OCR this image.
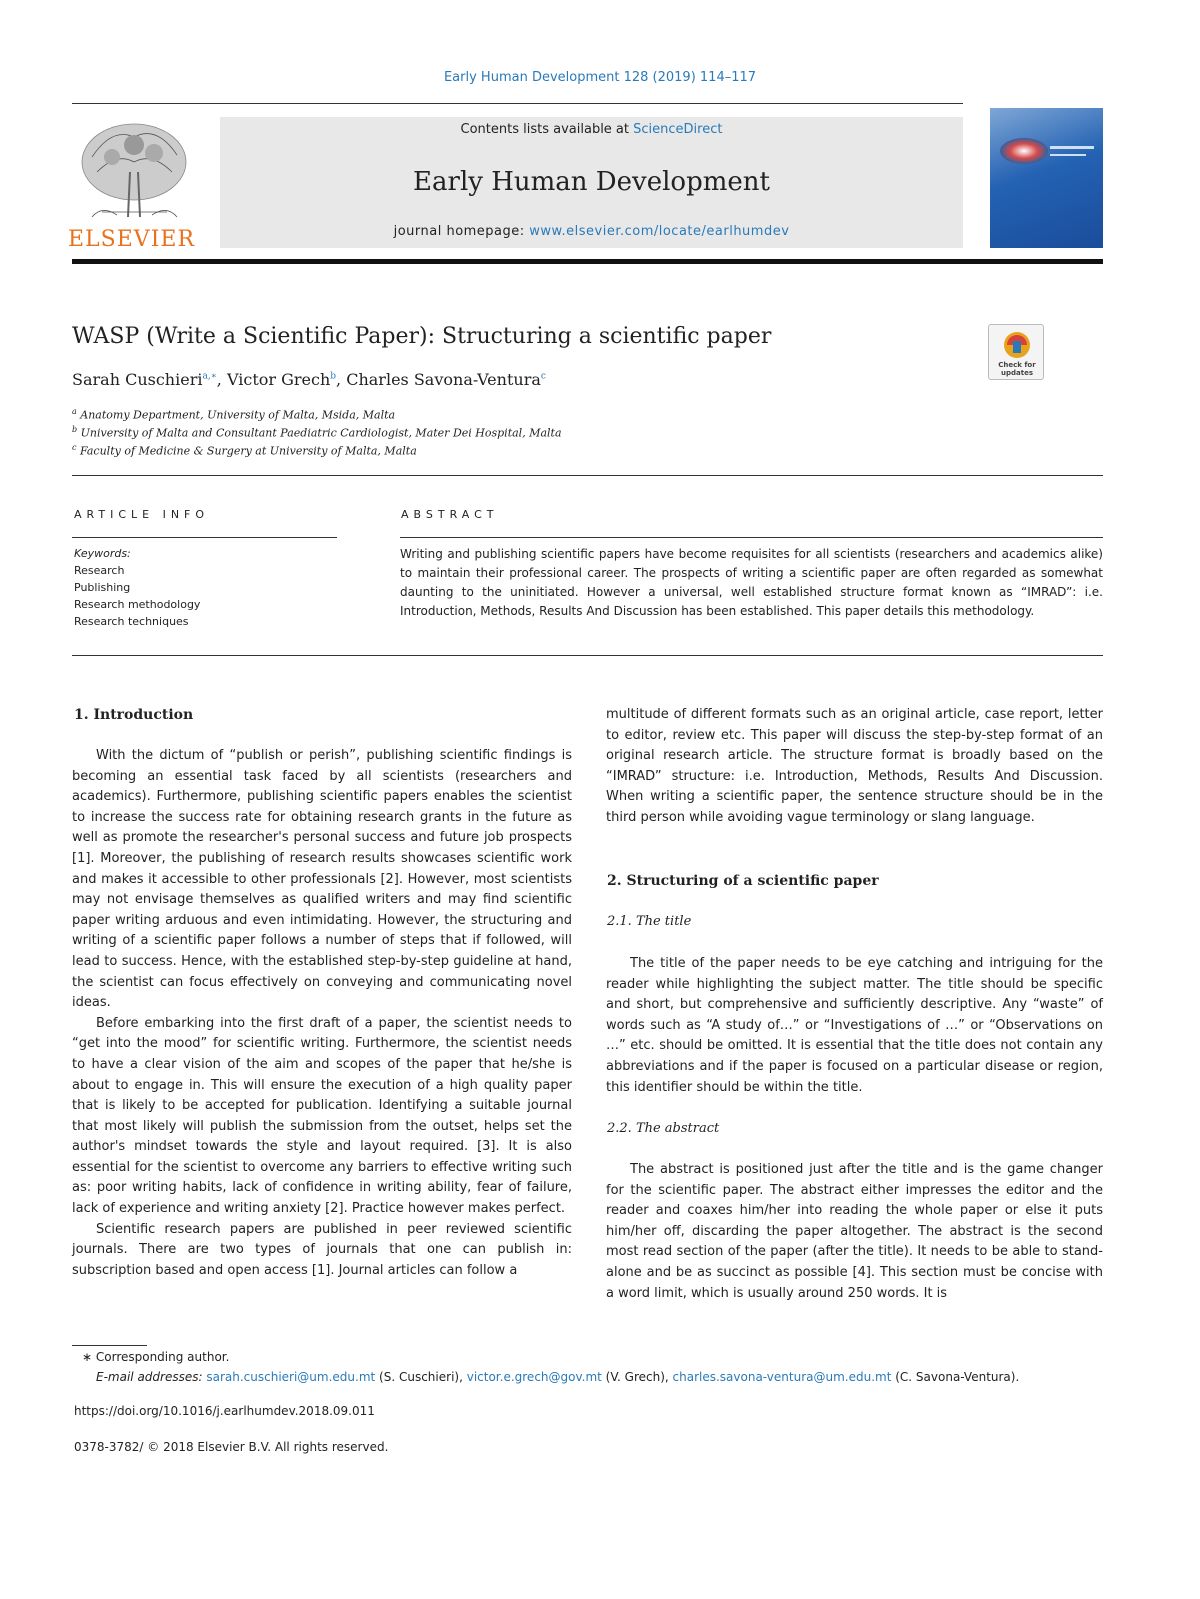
Early Human Development 128 (2019) 114–117
ELSEVIER
Contents lists available at ScienceDirect
Early Human Development
journal homepage: www.elsevier.com/locate/earlhumdev
WASP (Write a Scientific Paper): Structuring a scientific paper
Check for updates
Sarah Cuschieri$^{a,∗}$, Victor Grech$^b$, Charles Savona-Ventura$^c$
$^a$ Anatomy Department, University of Malta, Msida, Malta
$^b$ University of Malta and Consultant Paediatric Cardiologist, Mater Dei Hospital, Malta
$^c$ Faculty of Medicine & Surgery at University of Malta, Malta
ARTICLE INFO	ABSTRACT
Keywords:
Research
Publishing
Research methodology
Research techniques
Writing and publishing scientific papers have become requisites for all scientists (researchers and academics alike) to maintain their professional career. The prospects of writing a scientific paper are often regarded as somewhat daunting to the uninitiated. However a universal, well established structure format known as “IMRAD”: i.e. Introduction, Methods, Results And Discussion has been established. This paper details this methodology.
1. Introduction

With the dictum of “publish or perish”, publishing scientific findings is becoming an essential task faced by all scientists (researchers and academics). Furthermore, publishing scientific papers enables the scientist to increase the success rate for obtaining research grants in the future as well as promote the researcher's personal success and future job prospects [1]. Moreover, the publishing of research results showcases scientific work and makes it accessible to other professionals [2]. However, most scientists may not envisage themselves as qualified writers and may find scientific paper writing arduous and even intimidating. However, the structuring and writing of a scientific paper follows a number of steps that if followed, will lead to success. Hence, with the established step-by-step guideline at hand, the scientist can focus effectively on conveying and communicating novel ideas.

Before embarking into the first draft of a paper, the scientist needs to “get into the mood” for scientific writing. Furthermore, the scientist needs to have a clear vision of the aim and scopes of the paper that he/she is about to engage in. This will ensure the execution of a high quality paper that is likely to be accepted for publication. Identifying a suitable journal that most likely will publish the submission from the outset, helps set the author's mindset towards the style and layout required. [3]. It is also essential for the scientist to overcome any barriers to effective writing such as: poor writing habits, lack of confidence in writing ability, fear of failure, lack of experience and writing anxiety [2]. Practice however makes perfect.

Scientific research papers are published in peer reviewed scientific journals. There are two types of journals that one can publish in: subscription based and open access [1]. Journal articles can follow a

multitude of different formats such as an original article, case report, letter to editor, review etc. This paper will discuss the step-by-step format of an original research article. The structure format is broadly based on the “IMRAD” structure: i.e. Introduction, Methods, Results And Discussion. When writing a scientific paper, the sentence structure should be in the third person while avoiding vague terminology or slang language.

2. Structuring of a scientific paper
2.1. The title

The title of the paper needs to be eye catching and intriguing for the reader while highlighting the subject matter. The title should be specific and short, but comprehensive and sufficiently descriptive. Any “waste” of words such as “A study of…” or “Investigations of …” or “Observations on …” etc. should be omitted. It is essential that the title does not contain any abbreviations and if the paper is focused on a particular disease or region, this identifier should be within the title.

2.2. The abstract

The abstract is positioned just after the title and is the game changer for the scientific paper. The abstract either impresses the editor and the reader and coaxes him/her into reading the whole paper or else it puts him/her off, discarding the paper altogether. The abstract is the second most read section of the paper (after the title). It needs to be able to stand-alone and be as succinct as possible [4]. This section must be concise with a word limit, which is usually around 250 words. It is

∗ Corresponding author.
E-mail addresses: sarah.cuschieri@um.edu.mt (S. Cuschieri), victor.e.grech@gov.mt (V. Grech), charles.savona-ventura@um.edu.mt (C. Savona-Ventura).
https://doi.org/10.1016/j.earlhumdev.2018.09.011
0378-3782/ © 2018 Elsevier B.V. All rights reserved.
